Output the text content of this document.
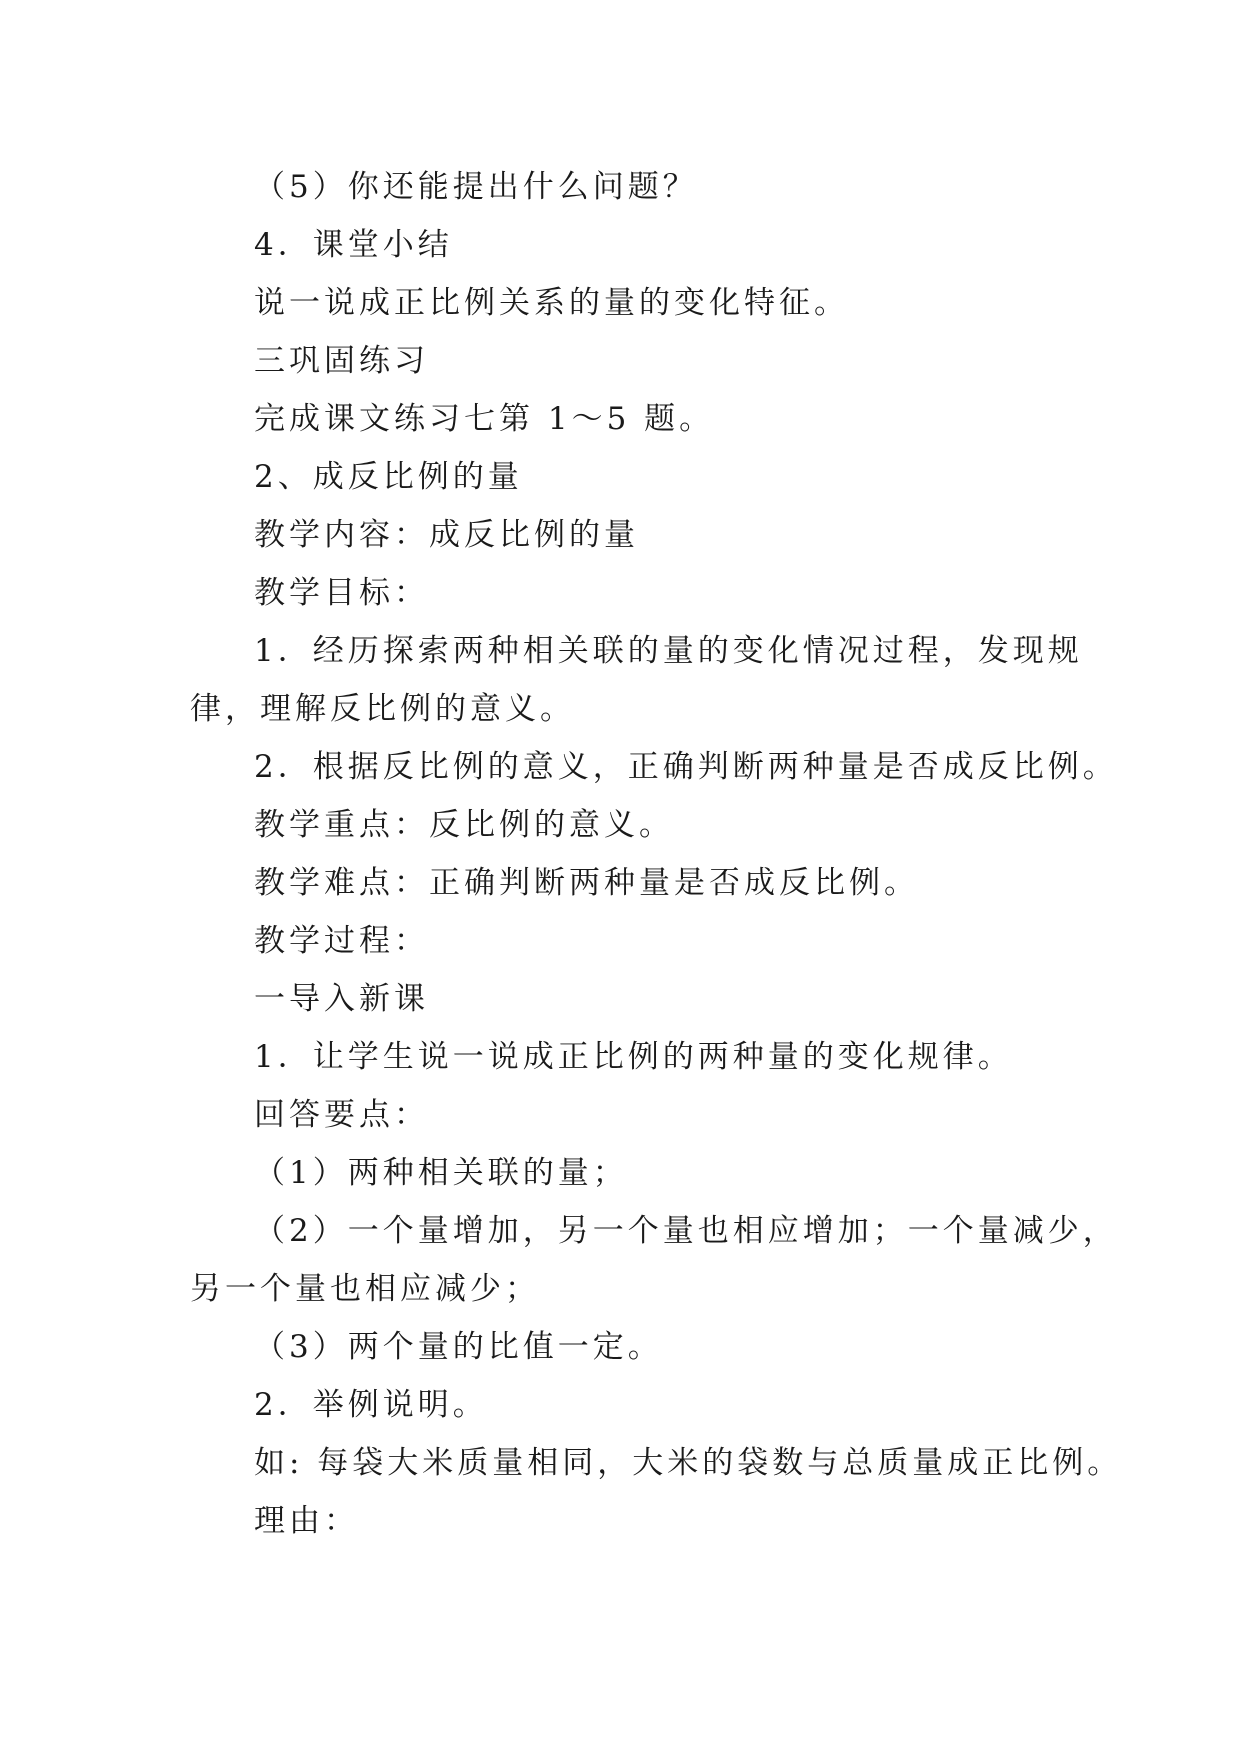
（5）你还能提出什么问题？

4．课堂小结

说一说成正比例关系的量的变化特征。

三巩固练习

完成课文练习七第 1～5 题。

2、成反比例的量

教学内容：成反比例的量

教学目标：

1．经历探索两种相关联的量的变化情况过程，发现规

律，理解反比例的意义。

2．根据反比例的意义，正确判断两种量是否成反比例。

教学重点：反比例的意义。

教学难点：正确判断两种量是否成反比例。

教学过程：

一导入新课

1．让学生说一说成正比例的两种量的变化规律。

回答要点：

（1）两种相关联的量；

（2）一个量增加，另一个量也相应增加；一个量减少，

另一个量也相应减少；

（3）两个量的比值一定。

2．举例说明。

如: 每袋大米质量相同，大米的袋数与总质量成正比例。

理由：
